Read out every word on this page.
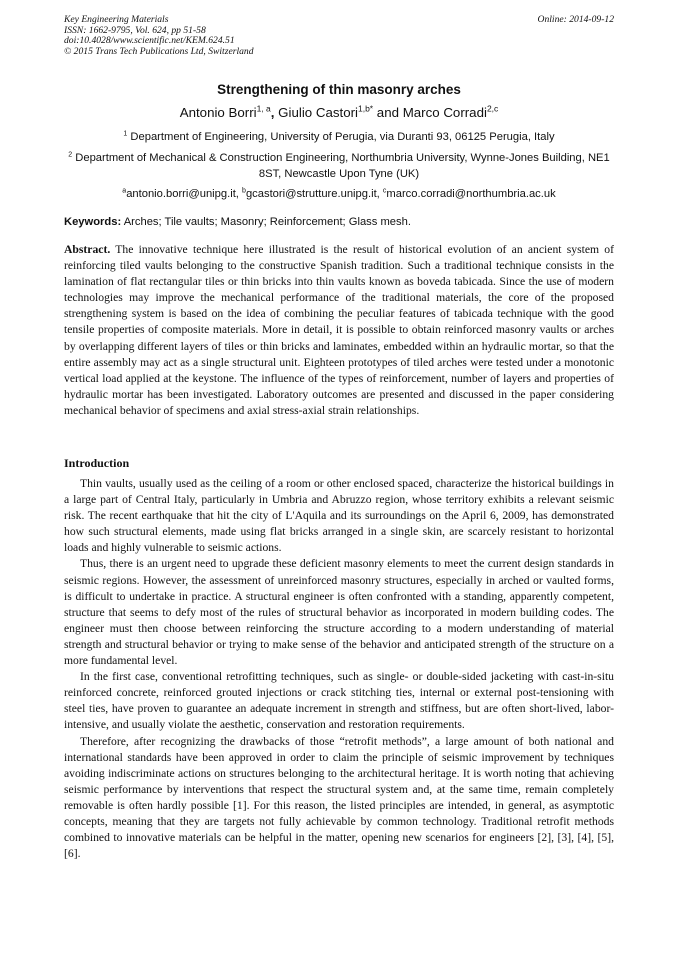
Key Engineering Materials
ISSN: 1662-9795, Vol. 624, pp 51-58
doi:10.4028/www.scientific.net/KEM.624.51
© 2015 Trans Tech Publications Ltd, Switzerland
Online: 2014-09-12
Strengthening of thin masonry arches
Antonio Borri$^{1, a}$, Giulio Castori$^{1,b*}$ and Marco Corradi$^{2,c}$
$^1$ Department of Engineering, University of Perugia, via Duranti 93, 06125 Perugia, Italy
$^2$ Department of Mechanical & Construction Engineering, Northumbria University, Wynne-Jones Building, NE1 8ST, Newcastle Upon Tyne (UK)
$^a$antonio.borri@unipg.it, $^b$gcastori@strutture.unipg.it, $^c$marco.corradi@northumbria.ac.uk
Keywords: Arches; Tile vaults; Masonry; Reinforcement; Glass mesh.
Abstract. The innovative technique here illustrated is the result of historical evolution of an ancient system of reinforcing tiled vaults belonging to the constructive Spanish tradition. Such a traditional technique consists in the lamination of flat rectangular tiles or thin bricks into thin vaults known as boveda tabicada. Since the use of modern technologies may improve the mechanical performance of the traditional materials, the core of the proposed strengthening system is based on the idea of combining the peculiar features of tabicada technique with the good tensile properties of composite materials. More in detail, it is possible to obtain reinforced masonry vaults or arches by overlapping different layers of tiles or thin bricks and laminates, embedded within an hydraulic mortar, so that the entire assembly may act as a single structural unit. Eighteen prototypes of tiled arches were tested under a monotonic vertical load applied at the keystone. The influence of the types of reinforcement, number of layers and properties of hydraulic mortar has been investigated. Laboratory outcomes are presented and discussed in the paper considering mechanical behavior of specimens and axial stress-axial strain relationships.
Introduction

Thin vaults, usually used as the ceiling of a room or other enclosed spaced, characterize the historical buildings in a large part of Central Italy, particularly in Umbria and Abruzzo region, whose territory exhibits a relevant seismic risk. The recent earthquake that hit the city of L'Aquila and its surroundings on the April 6, 2009, has demonstrated how such structural elements, made using flat bricks arranged in a single skin, are scarcely resistant to horizontal loads and highly vulnerable to seismic actions.

Thus, there is an urgent need to upgrade these deficient masonry elements to meet the current design standards in seismic regions. However, the assessment of unreinforced masonry structures, especially in arched or vaulted forms, is difficult to undertake in practice. A structural engineer is often confronted with a standing, apparently competent, structure that seems to defy most of the rules of structural behavior as incorporated in modern building codes. The engineer must then choose between reinforcing the structure according to a modern understanding of material strength and structural behavior or trying to make sense of the behavior and anticipated strength of the structure on a more fundamental level.

In the first case, conventional retrofitting techniques, such as single- or double-sided jacketing with cast-in-situ reinforced concrete, reinforced grouted injections or crack stitching ties, internal or external post-tensioning with steel ties, have proven to guarantee an adequate increment in strength and stiffness, but are often short-lived, labor-intensive, and usually violate the aesthetic, conservation and restoration requirements.

Therefore, after recognizing the drawbacks of those “retrofit methods”, a large amount of both national and international standards have been approved in order to claim the principle of seismic improvement by techniques avoiding indiscriminate actions on structures belonging to the architectural heritage. It is worth noting that achieving seismic performance by interventions that respect the structural system and, at the same time, remain completely removable is often hardly possible [1]. For this reason, the listed principles are intended, in general, as asymptotic concepts, meaning that they are targets not fully achievable by common technology. Traditional retrofit methods combined to innovative materials can be helpful in the matter, opening new scenarios for engineers [2], [3], [4], [5], [6].
